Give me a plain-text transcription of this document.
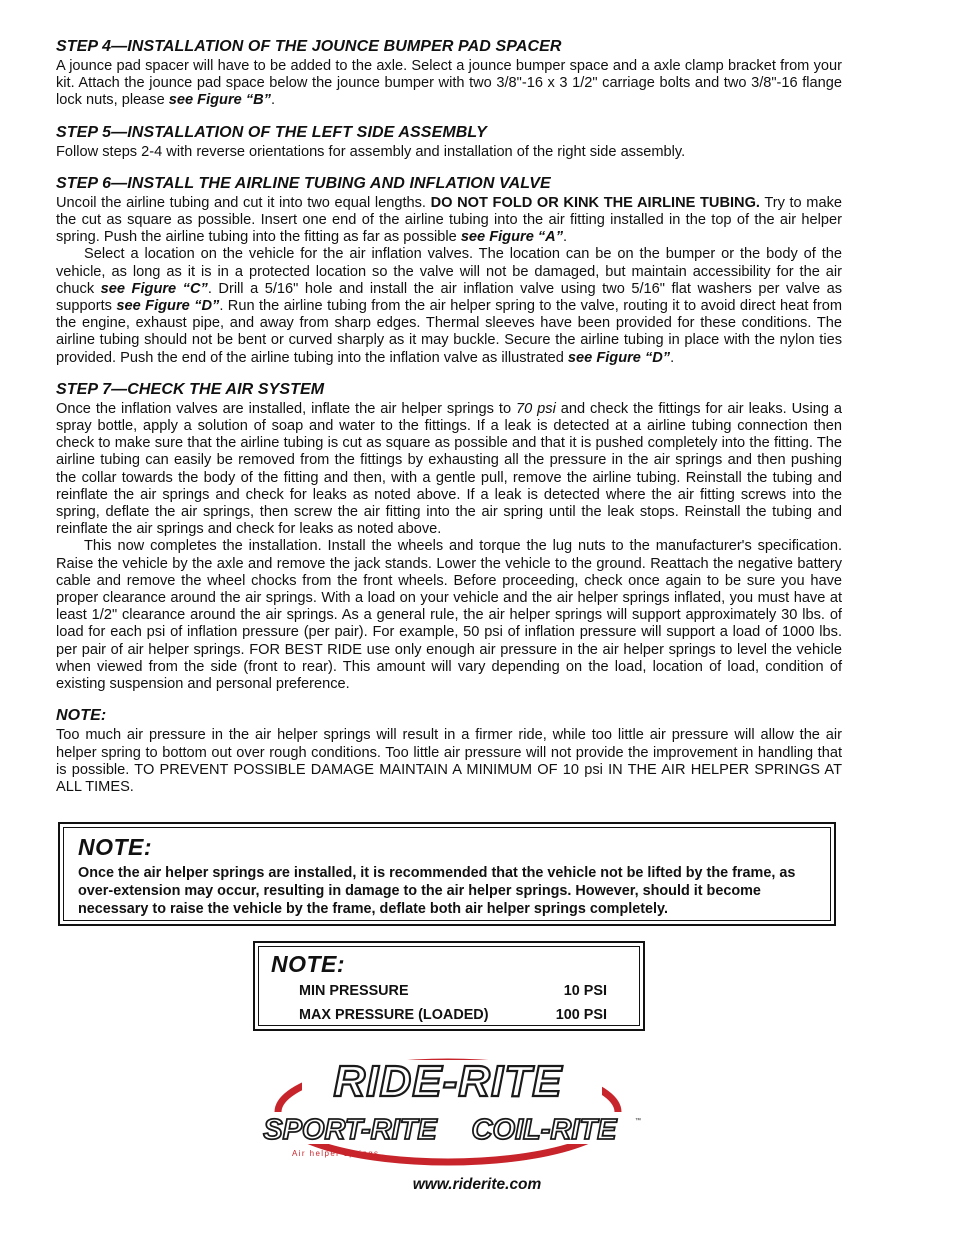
STEP 4—INSTALLATION OF THE JOUNCE BUMPER PAD SPACER

A jounce pad spacer will have to be added to the axle. Select a jounce bumper space and a axle clamp bracket from your kit. Attach the jounce pad space below the jounce bumper with two 3/8"-16 x 3 1/2" carriage bolts and two 3/8"-16 flange lock nuts, please see Figure “B”.

STEP 5—INSTALLATION OF THE LEFT SIDE ASSEMBLY

Follow steps 2-4 with reverse orientations for assembly and installation of the right side assembly.

STEP 6—INSTALL THE AIRLINE TUBING AND INFLATION VALVE

Uncoil the airline tubing and cut it into two equal lengths. DO NOT FOLD OR KINK THE AIRLINE TUBING. Try to make the cut as square as possible. Insert one end of the airline tubing into the air fitting installed in the top of the air helper spring. Push the airline tubing into the fitting as far as possible see Figure “A”.

Select a location on the vehicle for the air inflation valves. The location can be on the bumper or the body of the vehicle, as long as it is in a protected location so the valve will not be damaged, but maintain accessibility for the air chuck see Figure “C”. Drill a 5/16" hole and install the air inflation valve using two 5/16" flat washers per valve as supports see Figure “D”. Run the airline tubing from the air helper spring to the valve, routing it to avoid direct heat from the engine, exhaust pipe, and away from sharp edges. Thermal sleeves have been provided for these conditions. The airline tubing should not be bent or curved sharply as it may buckle. Secure the airline tubing in place with the nylon ties provided. Push the end of the airline tubing into the inflation valve as illustrated see Figure “D”.

STEP 7—CHECK THE AIR SYSTEM

Once the inflation valves are installed, inflate the air helper springs to 70 psi and check the fittings for air leaks. Using a spray bottle, apply a solution of soap and water to the fittings. If a leak is detected at a airline tubing connection then check to make sure that the airline tubing is cut as square as possible and that it is pushed completely into the fitting. The airline tubing can easily be removed from the fittings by exhausting all the pressure in the air springs and then pushing the collar towards the body of the fitting and then, with a gentle pull, remove the airline tubing. Reinstall the tubing and reinflate the air springs and check for leaks as noted above. If a leak is detected where the air fitting screws into the spring, deflate the air springs, then screw the air fitting into the air spring until the leak stops. Reinstall the tubing and reinflate the air springs and check for leaks as noted above.

This now completes the installation. Install the wheels and torque the lug nuts to the manufacturer's specification. Raise the vehicle by the axle and remove the jack stands. Lower the vehicle to the ground. Reattach the negative battery cable and remove the wheel chocks from the front wheels. Before proceeding, check once again to be sure you have proper clearance around the air springs. With a load on your vehicle and the air helper springs inflated, you must have at least 1/2" clearance around the air springs. As a general rule, the air helper springs will support approximately 30 lbs. of load for each psi of inflation pressure (per pair). For example, 50 psi of inflation pressure will support a load of 1000 lbs. per pair of air helper springs. FOR BEST RIDE use only enough air pressure in the air helper springs to level the vehicle when viewed from the side (front to rear). This amount will vary depending on the load, location of load, condition of existing suspension and personal preference.

NOTE:

Too much air pressure in the air helper springs will result in a firmer ride, while too little air pressure will allow the air helper spring to bottom out over rough conditions. Too little air pressure will not provide the improvement in handling that is possible. TO PREVENT POSSIBLE DAMAGE MAINTAIN A MINIMUM OF 10 psi IN THE AIR HELPER SPRINGS AT ALL TIMES.

NOTE:
Once the air helper springs are installed, it is recommended that the vehicle not be lifted by the frame, as over-extension may occur, resulting in damage to the air helper springs. However, should it become necessary to raise the vehicle by the frame, deflate both air helper springs completely.
NOTE:
MIN PRESSURE	10 PSI
MAX PRESSURE (LOADED)	100 PSI
RIDE-RITE
SPORT-RITE COIL-RITE	™
Air helper springs
www.riderite.com
